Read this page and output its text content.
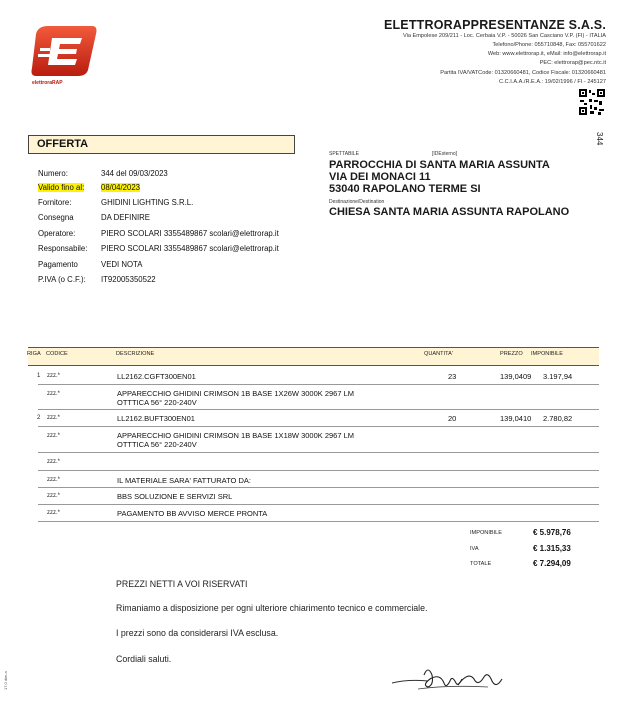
elettroraRAP
ELETTRORAPPRESENTANZE S.A.S.
Via Empolese 209/211 - Loc. Cerbaia V.P. - 50026 San Casciano V.P. (FI) - ITALIA
Telefono/Phone: 055710848, Fax: 055701622
Web: www.elettrorap.it, eMail: info@elettrorap.it
PEC: elettrorap@pec.ntc.it
Partita IVA/VATCode: 01320660481, Codice Fiscale: 01320660481
C.C.I.A.A./R.E.A.: 19/02/1996 / FI - 245127
344
17.0 dim.a
OFFERTA
Numero:	344 del 09/03/2023
Valido fino al: 08/04/2023
Fornitore:	GHIDINI LIGHTING S.R.L.
Consegna	DA DEFINIRE
Operatore:	PIERO SCOLARI 3355489867 scolari@elettrorap.it
Responsabile: PIERO SCOLARI 3355489867 scolari@elettrorap.it
Pagamento	VEDI NOTA
P.IVA (o C.F.): IT92005350522
SPETTABILE	[IDEsterno]
PARROCCHIA DI SANTA MARIA ASSUNTA
VIA DEI MONACI 11
53040 RAPOLANO TERME SI
Destinazione/Destination
CHIESA SANTA MARIA ASSUNTA RAPOLANO
RIGA CODICE	DESCRIZIONE	QUANTITA'	PREZZO IMPONIBILE
1 zzz.*	LL2162.CGFT300EN01	23	139,0409 3.197,94
zzz.*	APPARECCHIO GHIDINI CRIMSON 1B BASE 1X26W 3000K 2967 LM
OTTTICA 56° 220-240V
2 zzz.*	LL2162.BUFT300EN01	20	139,0410 2.780,82
zzz.*	APPARECCHIO GHIDINI CRIMSON 1B BASE 1X18W 3000K 2967 LM
OTTTICA 56° 220-240V
zzz.*
zzz.*	IL MATERIALE SARA' FATTURATO DA:
zzz.*	BBS SOLUZIONE E SERVIZI SRL
zzz.*	PAGAMENTO BB AVVISO MERCE PRONTA
IMPONIBILE	€ 5.978,76
IVA	€ 1.315,33
TOTALE	€ 7.294,09
PREZZI NETTI A VOI RISERVATI
Rimaniamo a disposizione per ogni ulteriore chiarimento tecnico e commerciale.
I prezzi sono da considerarsi IVA esclusa.
Cordiali saluti.
